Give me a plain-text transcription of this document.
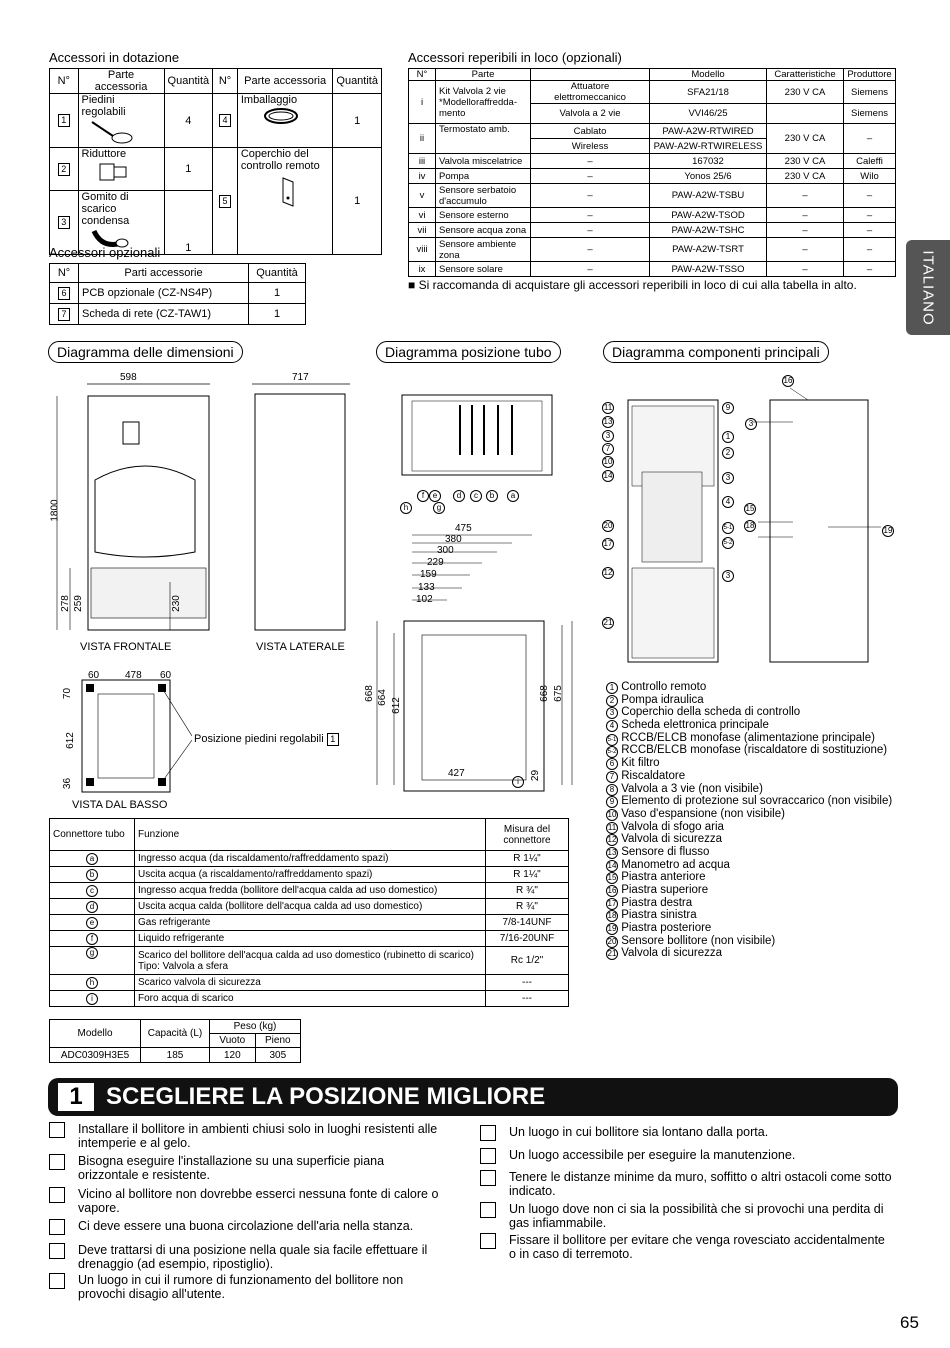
Accessori in dotazione
N°	Parte accessoria	Quantità	N°	Parte accessoria	Quantità
1	Piedini regolabili	4	4	Imballaggio	1
2	Riduttore	1	5	Coperchio del controllo remoto	1
3	Gomito di scarico condensa	1			
Accessori opzionali
N°	Parti accessorie	Quantità
6	PCB opzionale (CZ-NS4P)	1
7	Scheda di rete (CZ-TAW1)	1
Accessori reperibili in loco (opzionali)
N°	Parte		Modello	Caratteristiche	Produttore
i	Kit Valvola 2 vie *Modelloraffredda-mento	Attuatore elettromeccanico	SFA21/18	230 V CA	Siemens
		Valvola a 2 vie	VVI46/25		Siemens
ii	Termostato amb.	Cablato	PAW-A2W-RTWIRED	230 V CA	–
		Wireless	PAW-A2W-RTWIRELESS		
iii	Valvola miscelatrice	–	167032	230 V CA	Caleffi
iv	Pompa	–	Yonos 25/6	230 V CA	Wilo
v	Sensore serbatoio d'accumulo	–	PAW-A2W-TSBU	–	–
vi	Sensore esterno	–	PAW-A2W-TSOD	–	–
vii	Sensore acqua zona	–	PAW-A2W-TSHC	–	–
viii	Sensore ambiente zona	–	PAW-A2W-TSRT	–	–
ix	Sensore solare	–	PAW-A2W-TSSO	–	–
■ Si raccomanda di acquistare gli accessori reperibili in loco di cui alla tabella in alto.	ITALIANO
Diagramma delle dimensioni	Diagramma posizione tubo	Diagramma componenti principali
598	717
1800
278 259	230
VISTA FRONTALE	VISTA LATERALE
60	478 60
70
612
36
Posizione piedini regolabili 1
VISTA DAL BASSO
h
f	e
g
d	c	b	a
475
380
300
229
159
133
102
668 664 612
668 675
427	29
i
11
13
3
7
10
14
20
17
12
21
9
1
2
3
4
5-1
5-2
3
16
3
15
18
19
1 Controllo remoto
2 Pompa idraulica
3 Coperchio della scheda di controllo
4 Scheda elettronica principale
5-1 RCCB/ELCB monofase (alimentazione principale)
5-2 RCCB/ELCB monofase (riscaldatore di sostituzione)
6 Kit filtro
7 Riscaldatore
8 Valvola a 3 vie (non visibile)
9 Elemento di protezione sul sovraccarico (non visibile)
10 Vaso d'espansione (non visibile)
11 Valvola di sfogo aria
12 Valvola di sicurezza
13 Sensore di flusso
14 Manometro ad acqua
15 Piastra anteriore
16 Piastra superiore
17 Piastra destra
18 Piastra sinistra
19 Piastra posteriore
20 Sensore bollitore (non visibile)
21 Valvola di sicurezza
Connettore tubo	Funzione	Misura del connettore
a	Ingresso acqua (da riscaldamento/raffreddamento spazi)	R 1¼"
b	Uscita acqua (a riscaldamento/raffreddamento spazi)	R 1¼"
c	Ingresso acqua fredda (bollitore dell'acqua calda ad uso domestico)	R ¾"
d	Uscita acqua calda (bollitore dell'acqua calda ad uso domestico)	R ¾"
e	Gas refrigerante	7/8-14UNF
f	Liquido refrigerante	7/16-20UNF
g	Scarico del bollitore dell'acqua calda ad uso domestico (rubinetto di scarico) Tipo: Valvola a sfera	Rc 1/2"
h	Scarico valvola di sicurezza	---
i	Foro acqua di scarico	---
Modello	Capacità (L)	Peso (kg)	
		Vuoto	Pieno
ADC0309H3E5	185	120	305
1 SCEGLIERE LA POSIZIONE MIGLIORE
Installare il bollitore in ambienti chiusi solo in luoghi resistenti alle intemperie e al gelo.
Bisogna eseguire l'installazione su una superficie piana orizzontale e resistente.
Vicino al bollitore non dovrebbe esserci nessuna fonte di calore o vapore.
Ci deve essere una buona circolazione dell'aria nella stanza.
Deve trattarsi di una posizione nella quale sia facile effettuare il drenaggio (ad esempio, ripostiglio).
Un luogo in cui il rumore di funzionamento del bollitore non provochi disagio all'utente.
Un luogo in cui bollitore sia lontano dalla porta.
Un luogo accessibile per eseguire la manutenzione.
Tenere le distanze minime da muro, soffitto o altri ostacoli come sotto indicato.
Un luogo dove non ci sia la possibilità che si provochi una perdita di gas infiammabile.
Fissare il bollitore per evitare che venga rovesciato accidentalmente o in caso di terremoto.
65
